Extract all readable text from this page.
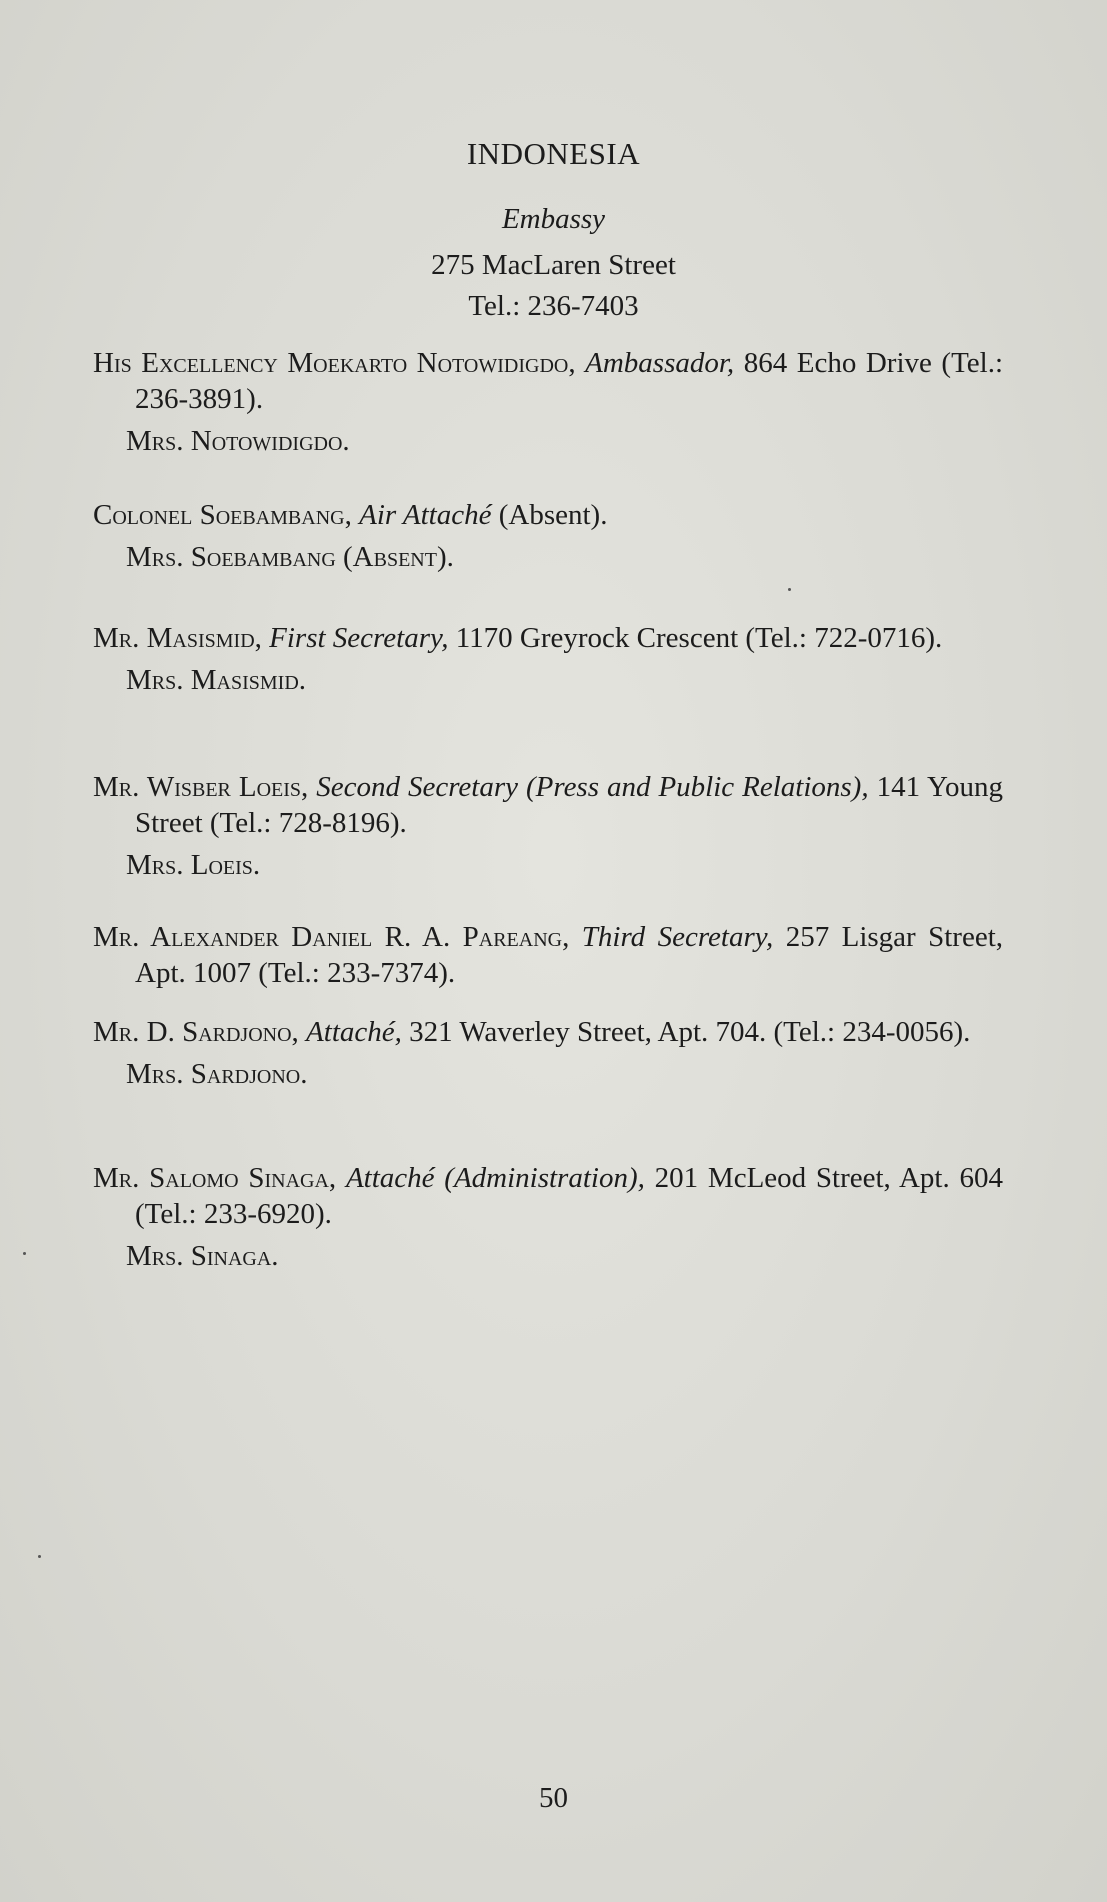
INDONESIA
Embassy
275 MacLaren Street
Tel.: 236-7403
His Excellency Moekarto Notowidigdo, Ambassador, 864 Echo Drive (Tel.: 236-3891).
Mrs. Notowidigdo.
Colonel Soebambang, Air Attaché (Absent).
Mrs. Soebambang (Absent).
Mr. Masismid, First Secretary, 1170 Greyrock Crescent (Tel.: 722-0716).
Mrs. Masismid.
Mr. Wisber Loeis, Second Secretary (Press and Public Relations), 141 Young Street (Tel.: 728-8196).
Mrs. Loeis.
Mr. Alexander Daniel R. A. Pareang, Third Secretary, 257 Lisgar Street, Apt. 1007 (Tel.: 233-7374).
Mr. D. Sardjono, Attaché, 321 Waverley Street, Apt. 704. (Tel.: 234-0056).
Mrs. Sardjono.
Mr. Salomo Sinaga, Attaché (Administration), 201 McLeod Street, Apt. 604 (Tel.: 233-6920).
Mrs. Sinaga.
50
